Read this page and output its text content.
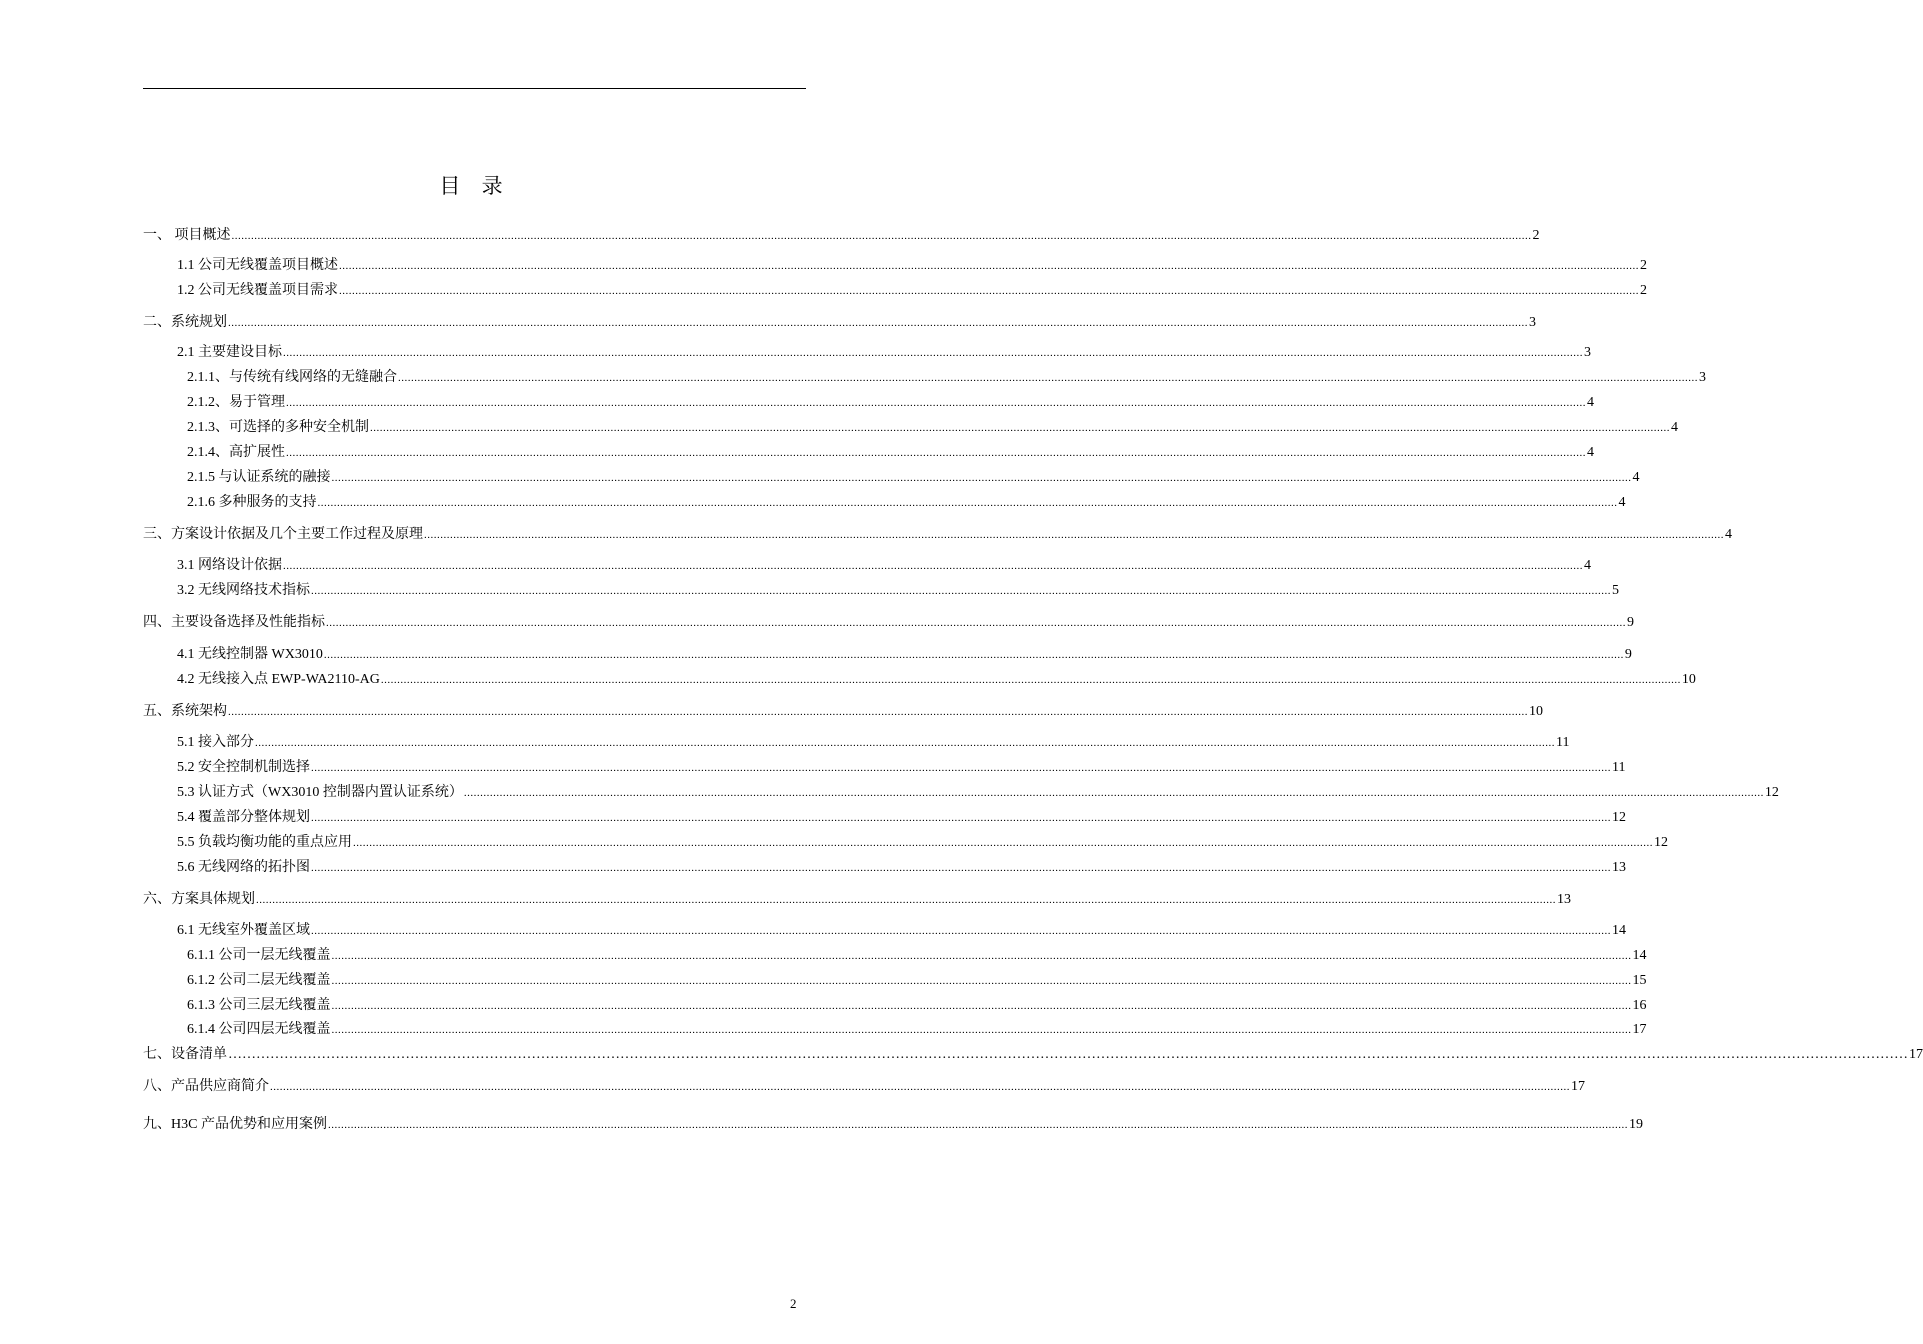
目 录
一、 项目概述 ................................................................................................................................................................................................................................................................................................................................................................................................................ 2
1.1 公司无线覆盖项目概述 ................................................................................................................................................................................................................................................................................................................................................................................................................ 2
1.2 公司无线覆盖项目需求 ................................................................................................................................................................................................................................................................................................................................................................................................................ 2
二、系统规划 ................................................................................................................................................................................................................................................................................................................................................................................................................ 3
2.1 主要建设目标 ................................................................................................................................................................................................................................................................................................................................................................................................................ 3
2.1.1、与传统有线网络的无缝融合 ................................................................................................................................................................................................................................................................................................................................................................................................................ 3
2.1.2、易于管理 ................................................................................................................................................................................................................................................................................................................................................................................................................ 4
2.1.3、可选择的多种安全机制 ................................................................................................................................................................................................................................................................................................................................................................................................................ 4
2.1.4、高扩展性 ................................................................................................................................................................................................................................................................................................................................................................................................................ 4
2.1.5 与认证系统的融接 ................................................................................................................................................................................................................................................................................................................................................................................................................ 4
2.1.6 多种服务的支持 ................................................................................................................................................................................................................................................................................................................................................................................................................ 4
三、方案设计依据及几个主要工作过程及原理 ................................................................................................................................................................................................................................................................................................................................................................................................................ 4
3.1 网络设计依据 ................................................................................................................................................................................................................................................................................................................................................................................................................ 4
3.2 无线网络技术指标 ................................................................................................................................................................................................................................................................................................................................................................................................................ 5
四、主要设备选择及性能指标 ................................................................................................................................................................................................................................................................................................................................................................................................................ 9
4.1 无线控制器 WX3010 ................................................................................................................................................................................................................................................................................................................................................................................................................ 9
4.2 无线接入点 EWP-WA2110-AG ................................................................................................................................................................................................................................................................................................................................................................................................................ 10
五、系统架构 ................................................................................................................................................................................................................................................................................................................................................................................................................ 10
5.1 接入部分 ................................................................................................................................................................................................................................................................................................................................................................................................................ 11
5.2 安全控制机制选择 ................................................................................................................................................................................................................................................................................................................................................................................................................ 11
5.3 认证方式（WX3010 控制器内置认证系统） ................................................................................................................................................................................................................................................................................................................................................................................................................ 12
5.4 覆盖部分整体规划 ................................................................................................................................................................................................................................................................................................................................................................................................................ 12
5.5 负载均衡功能的重点应用 ................................................................................................................................................................................................................................................................................................................................................................................................................ 12
5.6 无线网络的拓扑图 ................................................................................................................................................................................................................................................................................................................................................................................................................ 13
六、方案具体规划 ................................................................................................................................................................................................................................................................................................................................................................................................................ 13
6.1 无线室外覆盖区域 ................................................................................................................................................................................................................................................................................................................................................................................................................ 14
6.1.1 公司一层无线覆盖 ................................................................................................................................................................................................................................................................................................................................................................................................................ 14
6.1.2 公司二层无线覆盖 ................................................................................................................................................................................................................................................................................................................................................................................................................ 15
6.1.3 公司三层无线覆盖 ................................................................................................................................................................................................................................................................................................................................................................................................................ 16
6.1.4 公司四层无线覆盖 ................................................................................................................................................................................................................................................................................................................................................................................................................ 17
七、设备清单 ……………………………………………………………………………………………………………………………………………………………………………………………………………………………………………………………………………………………………………………………… 17
八、产品供应商简介 ................................................................................................................................................................................................................................................................................................................................................................................................................ 17
九、H3C 产品优势和应用案例 ................................................................................................................................................................................................................................................................................................................................................................................................................ 19
2
